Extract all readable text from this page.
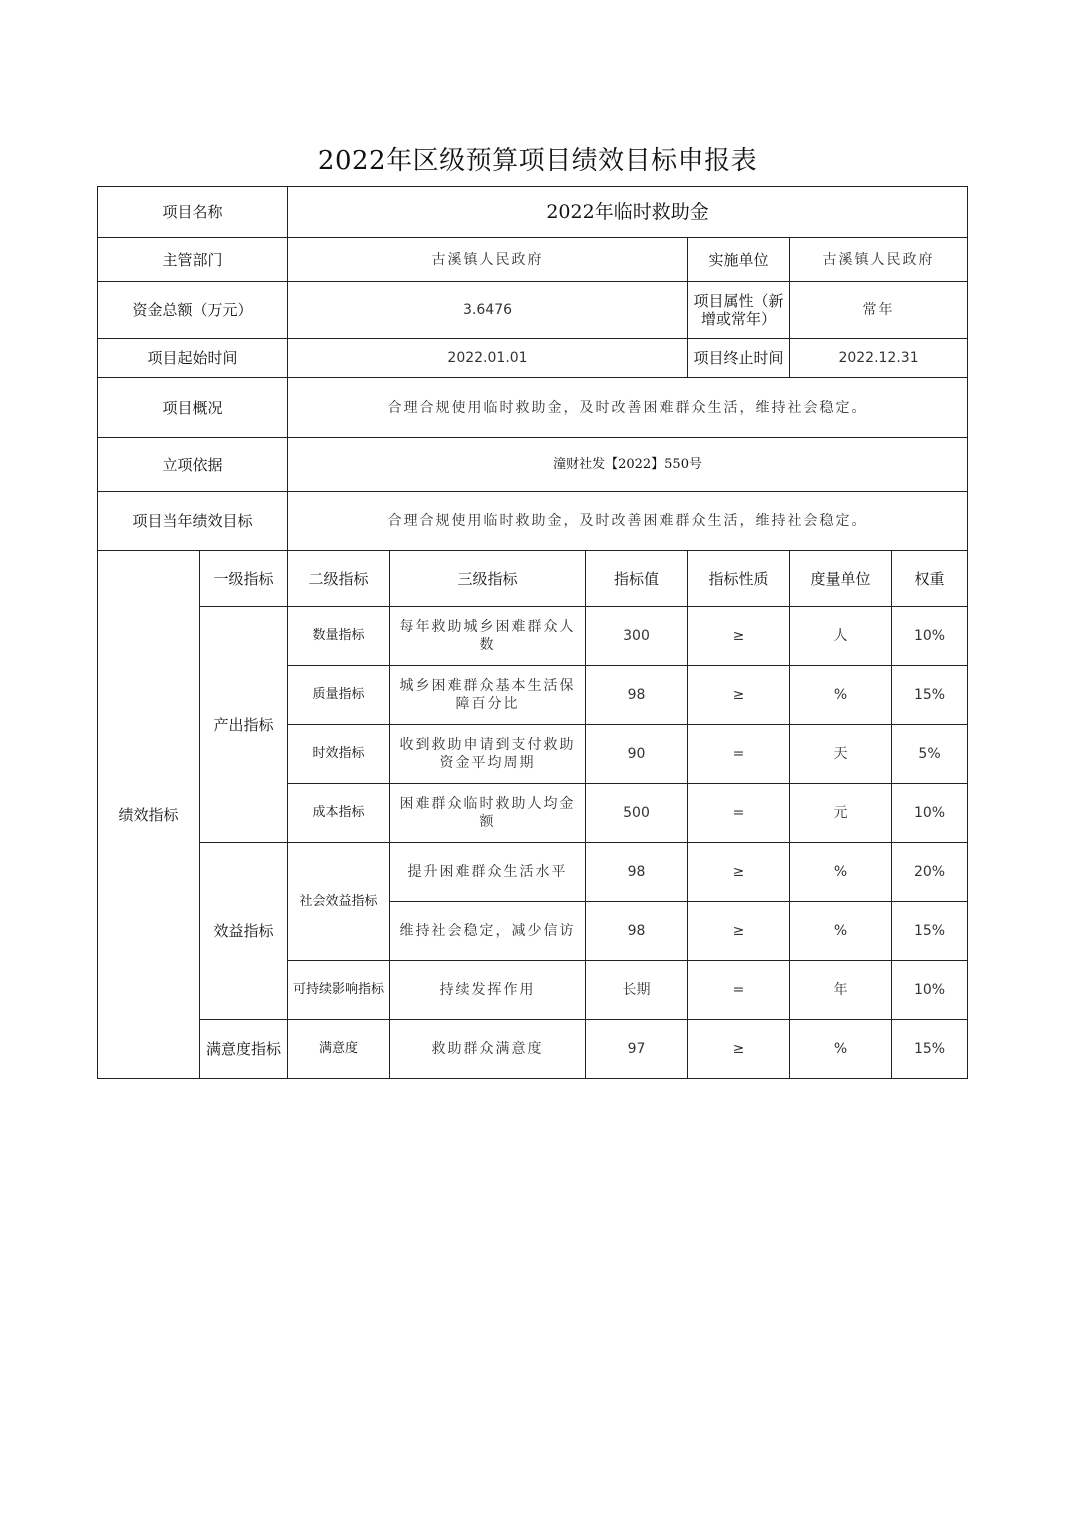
2022年区级预算项目绩效目标申报表
项目名称		2022年临时救助金					
主管部门		古溪镇人民政府			实施单位	古溪镇人民政府	
资金总额（万元）		3.6476			项目属性（新增或常年）	常年	
项目起始时间		2022.01.01			项目终止时间	2022.12.31	
项目概况		合理合规使用临时救助金，及时改善困难群众生活，维持社会稳定。					
立项依据		潼财社发【2022】550号					
项目当年绩效目标		合理合规使用临时救助金，及时改善困难群众生活，维持社会稳定。					
绩效指标	一级指标	二级指标	三级指标	指标值	指标性质	度量单位	权重
	产出指标	数量指标	每年救助城乡困难群众人数	300	≥	人	10%
		质量指标	城乡困难群众基本生活保障百分比	98	≥	%	15%
		时效指标	收到救助申请到支付救助资金平均周期	90	=	天	5%
		成本指标	困难群众临时救助人均金额	500	=	元	10%
	效益指标	社会效益指标	提升困难群众生活水平	98	≥	%	20%
			维持社会稳定，减少信访	98	≥	%	15%
		可持续影响指标	持续发挥作用	长期	=	年	10%
	满意度指标	满意度	救助群众满意度	97	≥	%	15%
